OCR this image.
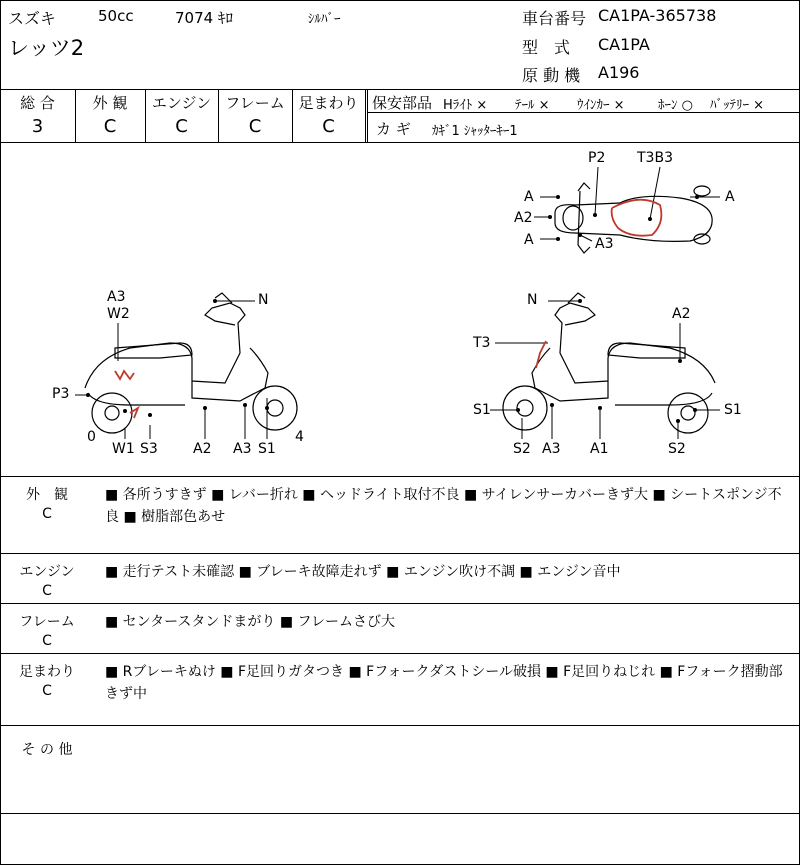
スズキ	50cc	7074 ｷﾛ	ｼﾙﾊﾞｰ
レッツ2
車台番号 CA1PA-365738
型　式 CA1PA
原 動 機 A196
総 合
3
外 観
C
エンジン
C
フレーム
C
足まわり
C
保安部品 Hﾗｲﾄ × ﾃｰﾙ × ｳｲﾝｶｰ ×	ﾎｰﾝ ○ ﾊﾞｯﾃﾘｰ ×
カ ギ ｶｷﾞ1 ｼｬｯﾀｰｷｰ1
P2 T3B3
A	A
A2
A	A3
A3
W2
N
P3
0
W1 S3	A2 A3 S1
4
N
A2
T3
S1	S1
S2 A3 A1	S2
外　観
C
■ 各所うすきず ■ レバー折れ ■ ヘッドライト取付不良 ■ サイレンサーカバーきず大 ■ シートスポンジ不良 ■ 樹脂部色あせ
エンジン
C
■ 走行テスト未確認 ■ ブレーキ故障走れず ■ エンジン吹け不調 ■ エンジン音中
フレーム
C
■ センタースタンドまがり ■ フレームさび大
足まわり
C
■ Rブレーキぬけ ■ F足回りガタつき ■ Fフォークダストシール破損 ■ F足回りねじれ ■ Fフォーク摺動部きず中
そ の 他
